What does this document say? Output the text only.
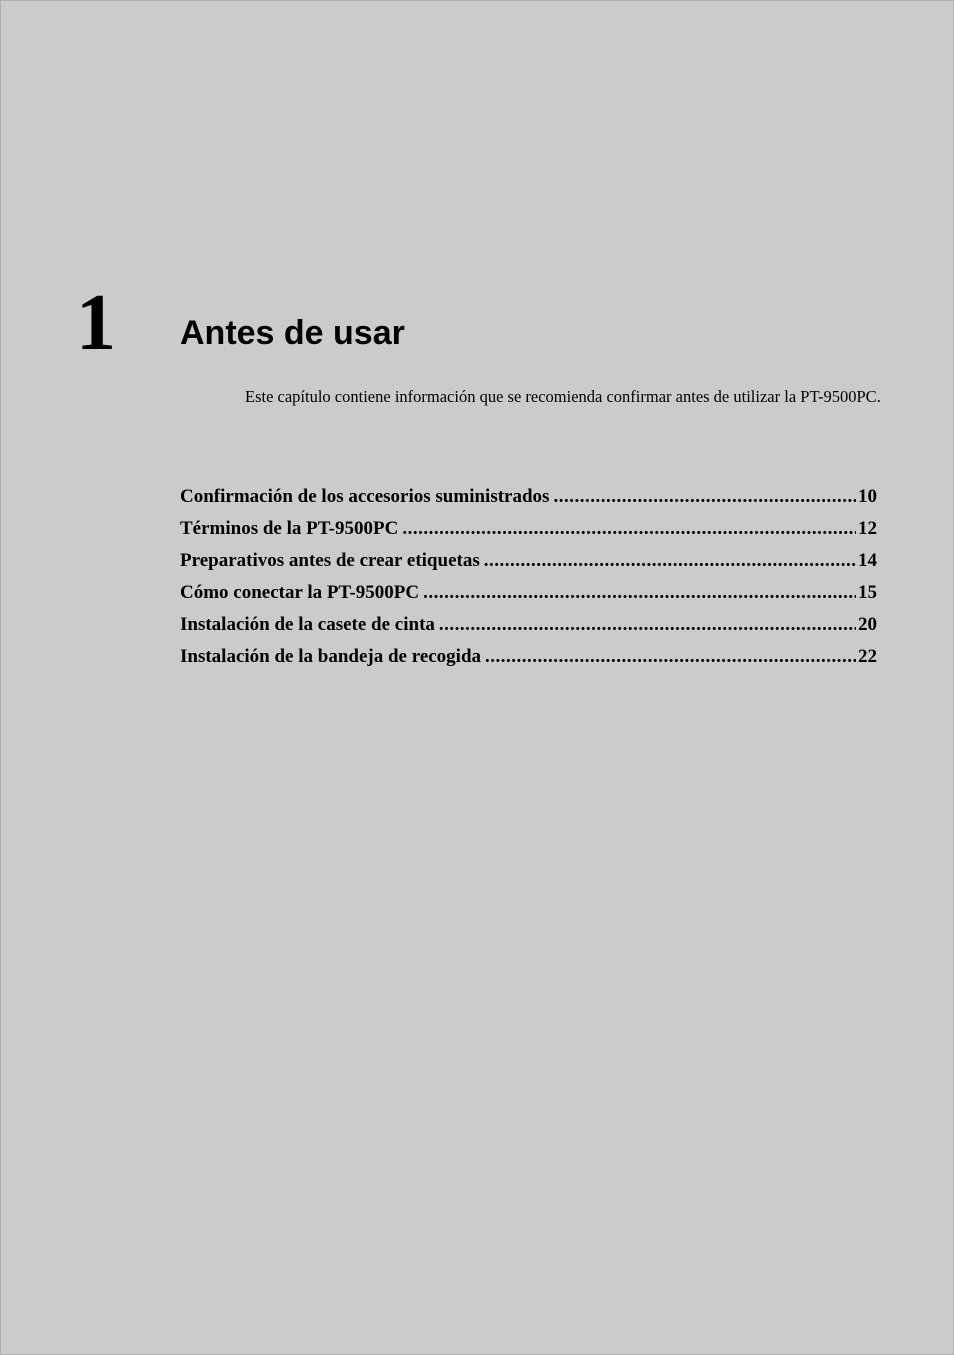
1 Antes de usar
Este capítulo contiene información que se recomienda confirmar antes de utilizar la PT-9500PC.
Confirmación de los accesorios suministrados .....	10
Términos de la PT-9500PC .....	12
Preparativos antes de crear etiquetas .....	14
Cómo conectar la PT-9500PC .....	15
Instalación de la casete de cinta .....	20
Instalación de la bandeja de recogida .....	22
